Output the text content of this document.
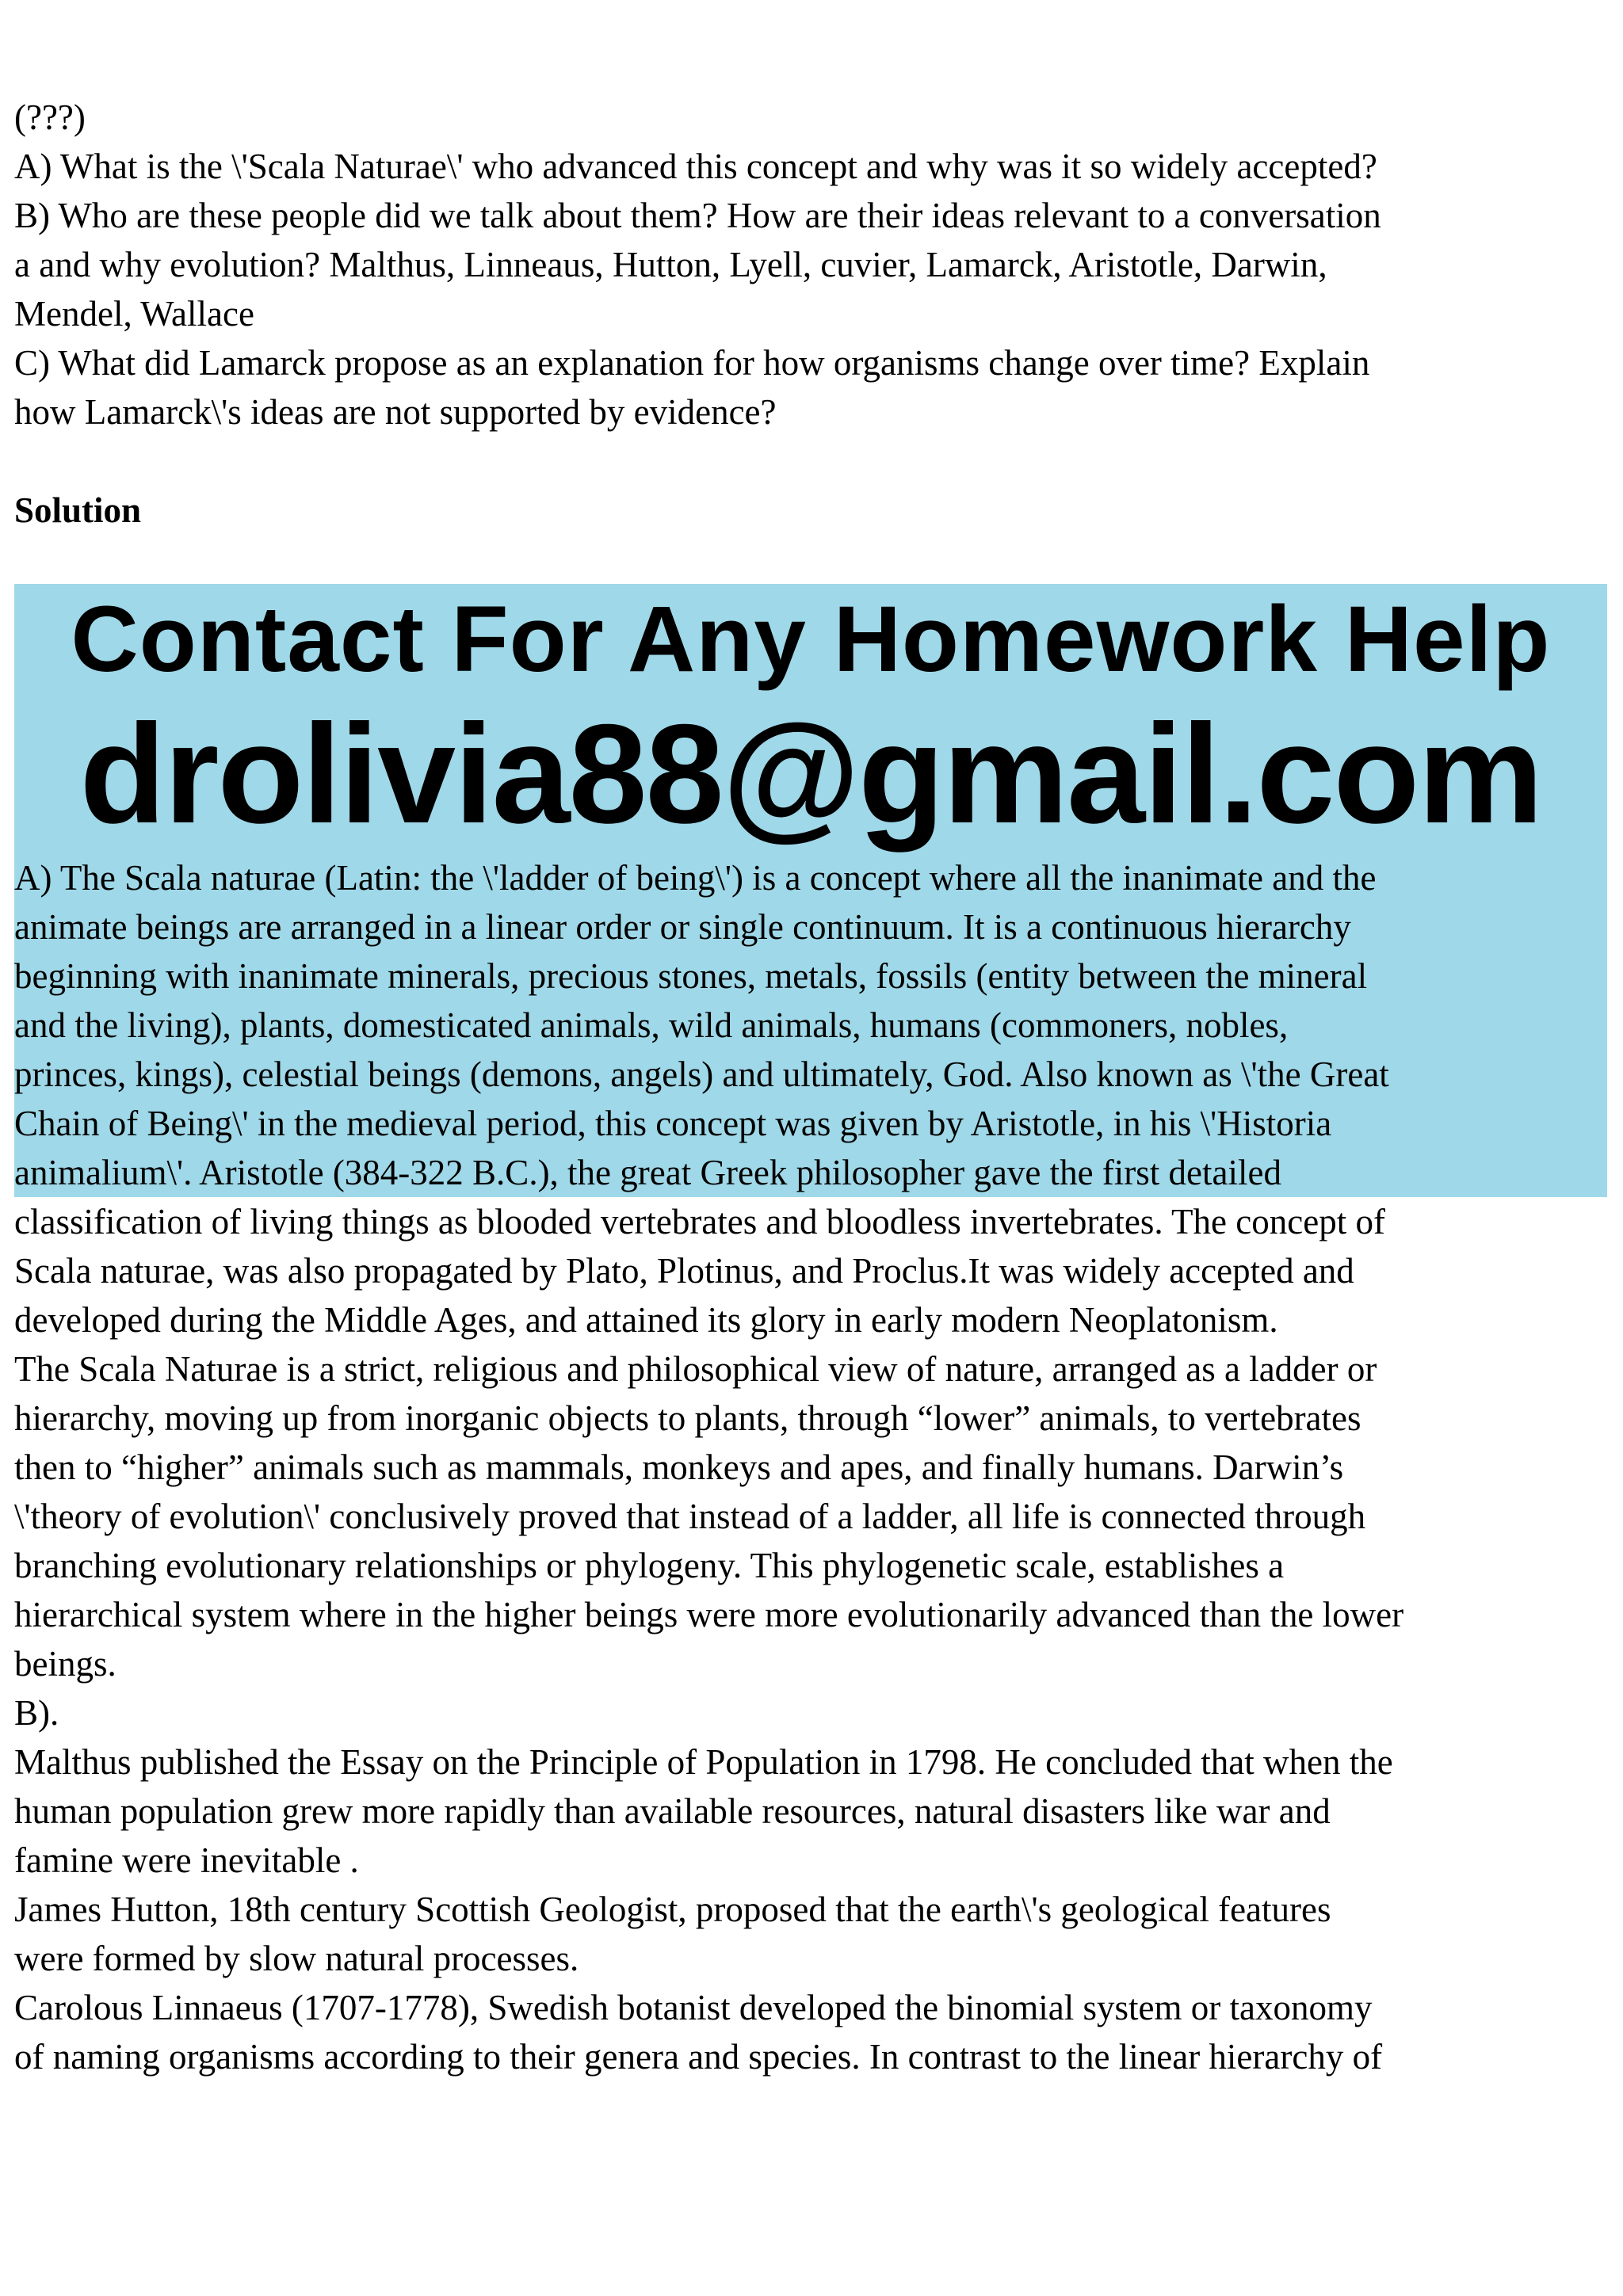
(???)
A) What is the \'Scala Naturae\' who advanced this concept and why was it so widely accepted?
B) Who are these people did we talk about them? How are their ideas relevant to a conversation
a and why evolution? Malthus, Linneaus, Hutton, Lyell, cuvier, Lamarck, Aristotle, Darwin,
Mendel, Wallace
C) What did Lamarck propose as an explanation for how organisms change over time? Explain
how Lamarck\'s ideas are not supported by evidence?
Solution
Contact For Any Homework Help
drolivia88@gmail.com
A) The Scala naturae (Latin: the \'ladder of being\') is a concept where all the inanimate and the
animate beings are arranged in a linear order or single continuum. It is a continuous hierarchy
beginning with inanimate minerals, precious stones, metals, fossils (entity between the mineral
and the living), plants, domesticated animals, wild animals, humans (commoners, nobles,
princes, kings), celestial beings (demons, angels) and ultimately, God. Also known as \'the Great
Chain of Being\' in the medieval period, this concept was given by Aristotle, in his \'Historia
animalium\'. Aristotle (384-322 B.C.), the great Greek philosopher gave the first detailed
classification of living things as blooded vertebrates and bloodless invertebrates. The concept of
Scala naturae, was also propagated by Plato, Plotinus, and Proclus.It was widely accepted and
developed during the Middle Ages, and attained its glory in early modern Neoplatonism.
The Scala Naturae is a strict, religious and philosophical view of nature, arranged as a ladder or
hierarchy, moving up from inorganic objects to plants, through “lower” animals, to vertebrates
then to “higher” animals such as mammals, monkeys and apes, and finally humans. Darwin’s
\'theory of evolution\' conclusively proved that instead of a ladder, all life is connected through
branching evolutionary relationships or phylogeny. This phylogenetic scale, establishes a
hierarchical system where in the higher beings were more evolutionarily advanced than the lower
beings.
B).
Malthus published the Essay on the Principle of Population in 1798. He concluded that when the
human population grew more rapidly than available resources, natural disasters like war and
famine were inevitable .
James Hutton, 18th century Scottish Geologist, proposed that the earth\'s geological features
were formed by slow natural processes.
Carolous Linnaeus (1707-1778), Swedish botanist developed the binomial system or taxonomy
of naming organisms according to their genera and species. In contrast to the linear hierarchy of
